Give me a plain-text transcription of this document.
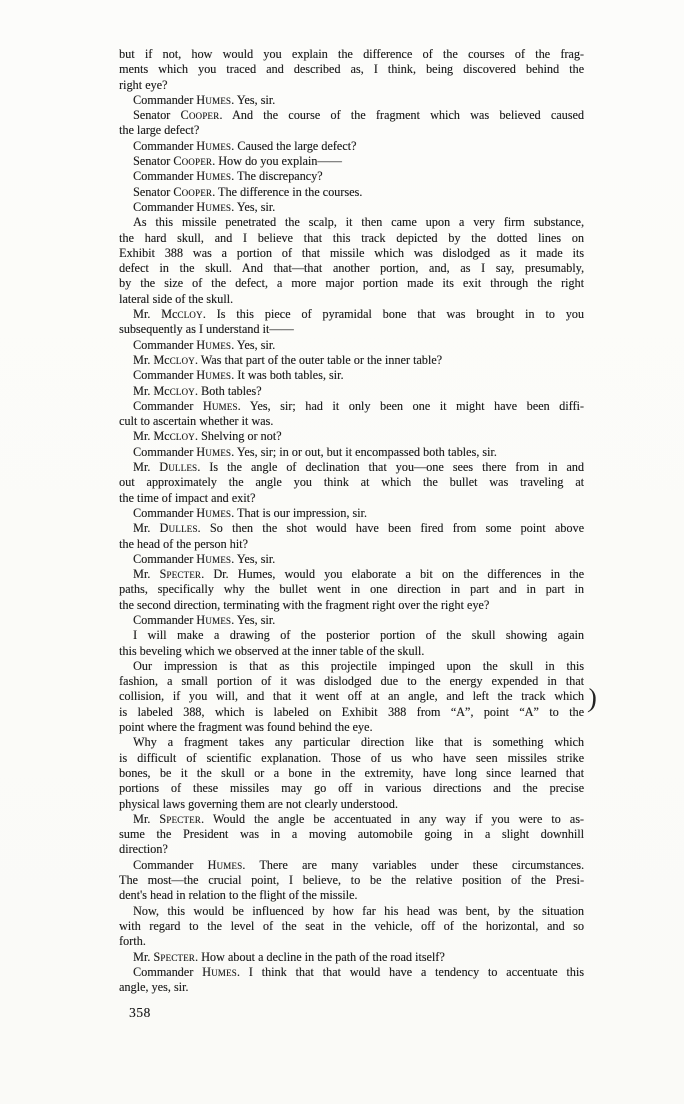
but if not, how would you explain the difference of the courses of the frag-
ments which you traced and described as, I think, being discovered behind the
right eye?
Commander Humes. Yes, sir.
Senator Cooper. And the course of the fragment which was believed caused
the large defect?
Commander Humes. Caused the large defect?
Senator Cooper. How do you explain——
Commander Humes. The discrepancy?
Senator Cooper. The difference in the courses.
Commander Humes. Yes, sir.
As this missile penetrated the scalp, it then came upon a very firm substance,
the hard skull, and I believe that this track depicted by the dotted lines on
Exhibit 388 was a portion of that missile which was dislodged as it made its
defect in the skull. And that—that another portion, and, as I say, presumably,
by the size of the defect, a more major portion made its exit through the right
lateral side of the skull.
Mr. Mccloy. Is this piece of pyramidal bone that was brought in to you
subsequently as I understand it——
Commander Humes. Yes, sir.
Mr. Mccloy. Was that part of the outer table or the inner table?
Commander Humes. It was both tables, sir.
Mr. Mccloy. Both tables?
Commander Humes. Yes, sir; had it only been one it might have been diffi-
cult to ascertain whether it was.
Mr. Mccloy. Shelving or not?
Commander Humes. Yes, sir; in or out, but it encompassed both tables, sir.
Mr. Dulles. Is the angle of declination that you—one sees there from in and
out approximately the angle you think at which the bullet was traveling at
the time of impact and exit?
Commander Humes. That is our impression, sir.
Mr. Dulles. So then the shot would have been fired from some point above
the head of the person hit?
Commander Humes. Yes, sir.
Mr. Specter. Dr. Humes, would you elaborate a bit on the differences in the
paths, specifically why the bullet went in one direction in part and in part in
the second direction, terminating with the fragment right over the right eye?
Commander Humes. Yes, sir.
I will make a drawing of the posterior portion of the skull showing again
this beveling which we observed at the inner table of the skull.
Our impression is that as this projectile impinged upon the skull in this
fashion, a small portion of it was dislodged due to the energy expended in that
collision, if you will, and that it went off at an angle, and left the track which
is labeled 388, which is labeled on Exhibit 388 from “A”, point “A” to the
point where the fragment was found behind the eye.
Why a fragment takes any particular direction like that is something which
is difficult of scientific explanation. Those of us who have seen missiles strike
bones, be it the skull or a bone in the extremity, have long since learned that
portions of these missiles may go off in various directions and the precise
physical laws governing them are not clearly understood.
Mr. Specter. Would the angle be accentuated in any way if you were to as-
sume the President was in a moving automobile going in a slight downhill
direction?
Commander Humes. There are many variables under these circumstances.
The most—the crucial point, I believe, to be the relative position of the Presi-
dent's head in relation to the flight of the missile.
Now, this would be influenced by how far his head was bent, by the situation
with regard to the level of the seat in the vehicle, off of the horizontal, and so
forth.
Mr. Specter. How about a decline in the path of the road itself?
Commander Humes. I think that that would have a tendency to accentuate this
angle, yes, sir.
)
358
